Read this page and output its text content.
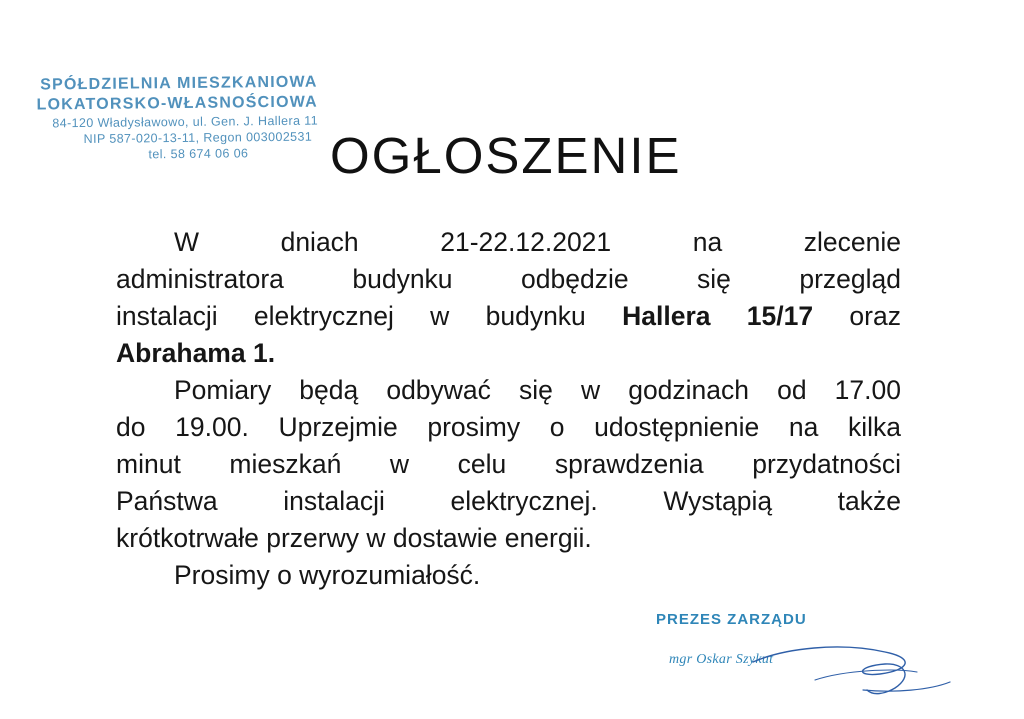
SPÓŁDZIELNIA MIESZKANIOWA
LOKATORSKO-WŁASNOŚCIOWA
84-120 Władysławowo, ul. Gen. J. Hallera 11
NIP 587-020-13-11, Regon 003002531
tel. 58 674 06 06	OGŁOSZENIE

W dniach 21-22.12.2021 na zlecenie

administratora budynku odbędzie się przegląd

instalacji elektrycznej w budynku Hallera 15/17 oraz

Abrahama 1.

Pomiary będą odbywać się w godzinach od 17.00

do 19.00. Uprzejmie prosimy o udostępnienie na kilka

minut mieszkań w celu sprawdzenia przydatności

Państwa instalacji elektrycznej. Wystąpią także

krótkotrwałe przerwy w dostawie energii.

Prosimy o wyrozumiałość.

PREZES ZARZĄDU
mgr Oskar Szykut
